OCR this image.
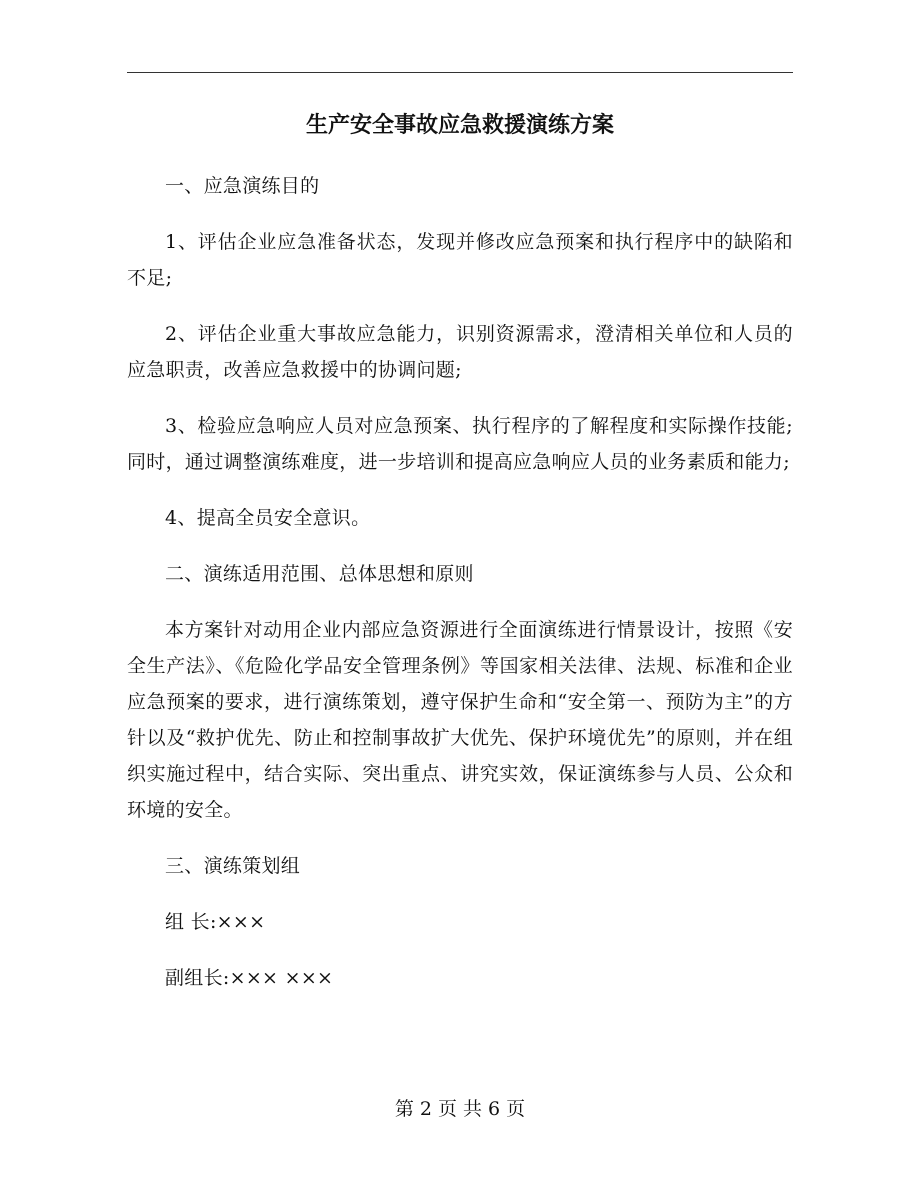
生产安全事故应急救援演练方案

一、应急演练目的

1、评估企业应急准备状态，发现并修改应急预案和执行程序中的缺陷和不足;

2、评估企业重大事故应急能力，识别资源需求，澄清相关单位和人员的应急职责，改善应急救援中的协调问题;

3、检验应急响应人员对应急预案、执行程序的了解程度和实际操作技能;同时，通过调整演练难度，进一步培训和提高应急响应人员的业务素质和能力;

4、提高全员安全意识。

二、演练适用范围、总体思想和原则

本方案针对动用企业内部应急资源进行全面演练进行情景设计，按照《安全生产法》、《危险化学品安全管理条例》等国家相关法律、法规、标准和企业应急预案的要求，进行演练策划，遵守保护生命和“安全第一、预防为主”的方针以及“救护优先、防止和控制事故扩大优先、保护环境优先”的原则，并在组织实施过程中，结合实际、突出重点、讲究实效，保证演练参与人员、公众和环境的安全。

三、演练策划组

组 长:×××

副组长:××× ×××

第 2 页 共 6 页
